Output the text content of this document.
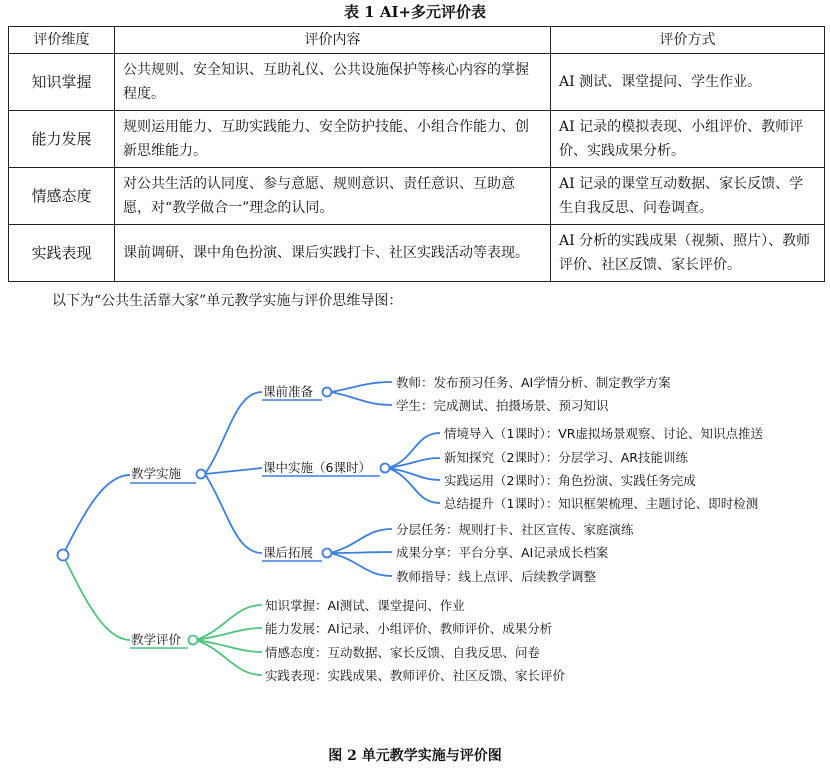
表 1 AI+多元评价表
评价维度	评价内容	评价方式
知识掌握	公共规则、安全知识、互助礼仪、公共设施保护等核心内容的掌握程度。	AI 测试、课堂提问、学生作业。
能力发展	规则运用能力、互助实践能力、安全防护技能、小组合作能力、创新思维能力。	AI 记录的模拟表现、小组评价、教师评价、实践成果分析。
情感态度	对公共生活的认同度、参与意愿、规则意识、责任意识、互助意愿，对“教学做合一”理念的认同。	AI 记录的课堂互动数据、家长反馈、学生自我反思、问卷调查。
实践表现	课前调研、课中角色扮演、课后实践打卡、社区实践活动等表现。	AI 分析的实践成果（视频、照片）、教师评价、社区反馈、家长评价。
以下为“公共生活靠大家”单元教学实施与评价思维导图：
教学实施
课前准备
课中实施（6课时）
课后拓展
教学评价
教师：发布预习任务、AI学情分析、制定教学方案
学生：完成测试、拍摄场景、预习知识
情境导入（1课时）：VR虚拟场景观察、讨论、知识点推送
新知探究（2课时）：分层学习、AR技能训练
实践运用（2课时）：角色扮演、实践任务完成
总结提升（1课时）：知识框架梳理、主题讨论、即时检测
分层任务：规则打卡、社区宣传、家庭演练
成果分享：平台分享、AI记录成长档案
教师指导：线上点评、后续教学调整
知识掌握：AI测试、课堂提问、作业
能力发展：AI记录、小组评价、教师评价、成果分析
情感态度：互动数据、家长反馈、自我反思、问卷
实践表现：实践成果、教师评价、社区反馈、家长评价
图 2 单元教学实施与评价图
